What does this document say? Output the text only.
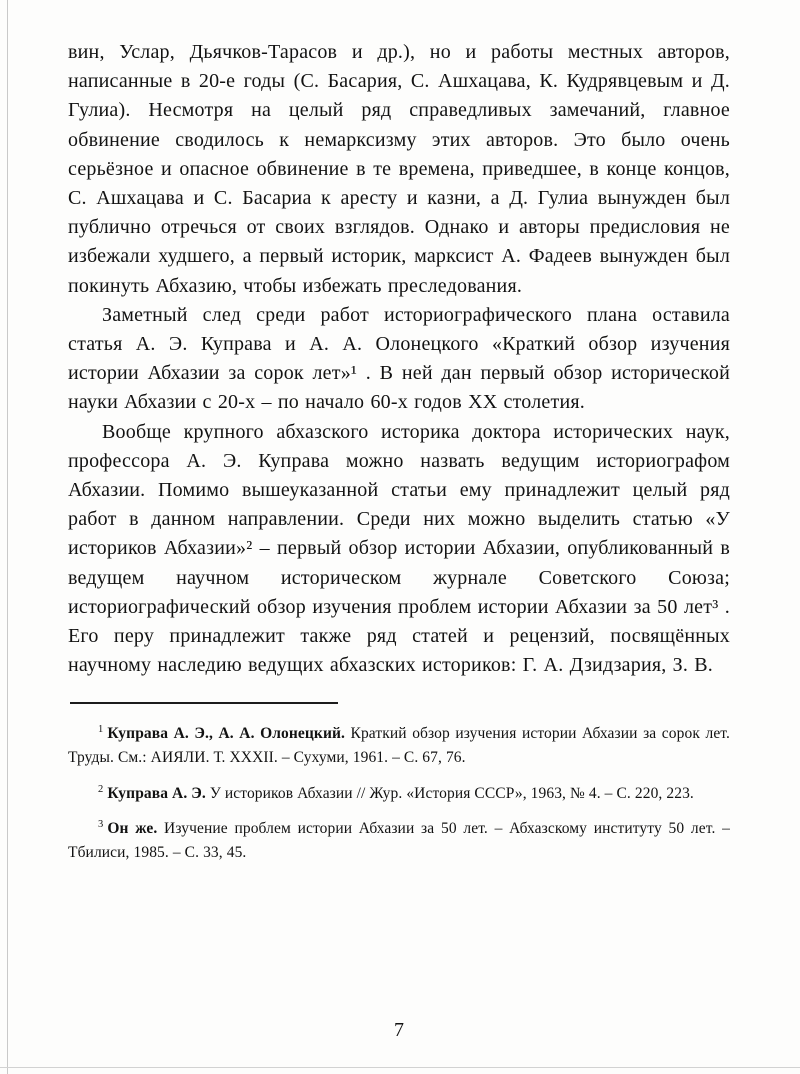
вин, Услар, Дьячков-Тарасов и др.), но и работы местных авторов, написанные в 20-е годы (С. Басария, С. Ашхацава, К. Кудрявцевым и Д. Гулиа). Несмотря на целый ряд справедливых замечаний, главное обвинение сводилось к немарксизму этих авторов. Это было очень серьёзное и опасное обвинение в те времена, приведшее, в конце концов, С. Ашхацава и С. Басариа к аресту и казни, а Д. Гулиа вынужден был публично отречься от своих взглядов. Однако и авторы предисловия не избежали худшего, а первый историк, марксист А. Фадеев вынужден был покинуть Абхазию, чтобы избежать преследования.

Заметный след среди работ историографического плана оставила статья А. Э. Куправа и А. А. Олонецкого «Краткий обзор изучения истории Абхазии за сорок лет»¹ . В ней дан первый обзор исторической науки Абхазии с 20-х – по начало 60-х годов XX столетия.

Вообще крупного абхазского историка доктора исторических наук, профессора А. Э. Куправа можно назвать ведущим историографом Абхазии. Помимо вышеуказанной статьи ему принадлежит целый ряд работ в данном направлении. Среди них можно выделить статью «У историков Абхазии»² – первый обзор истории Абхазии, опубликованный в ведущем научном историческом журнале Советского Союза; историографический обзор изучения проблем истории Абхазии за 50 лет³ . Его перу принадлежит также ряд статей и рецензий, посвящённых научному наследию ведущих абхазских историков: Г. А. Дзидзария, З. В.

$^1$ Куправа А. Э., А. А. Олонецкий. Краткий обзор изучения истории Абхазии за сорок лет. Труды. См.: АИЯЛИ. Т. XXXII. – Сухуми, 1961. – С. 67, 76.

$^2$ Куправа А. Э. У историков Абхазии // Жур. «История СССР», 1963, № 4. – С. 220, 223.

$^3$ Он же. Изучение проблем истории Абхазии за 50 лет. – Абхазскому институту 50 лет. – Тбилиси, 1985. – С. 33, 45.

7
